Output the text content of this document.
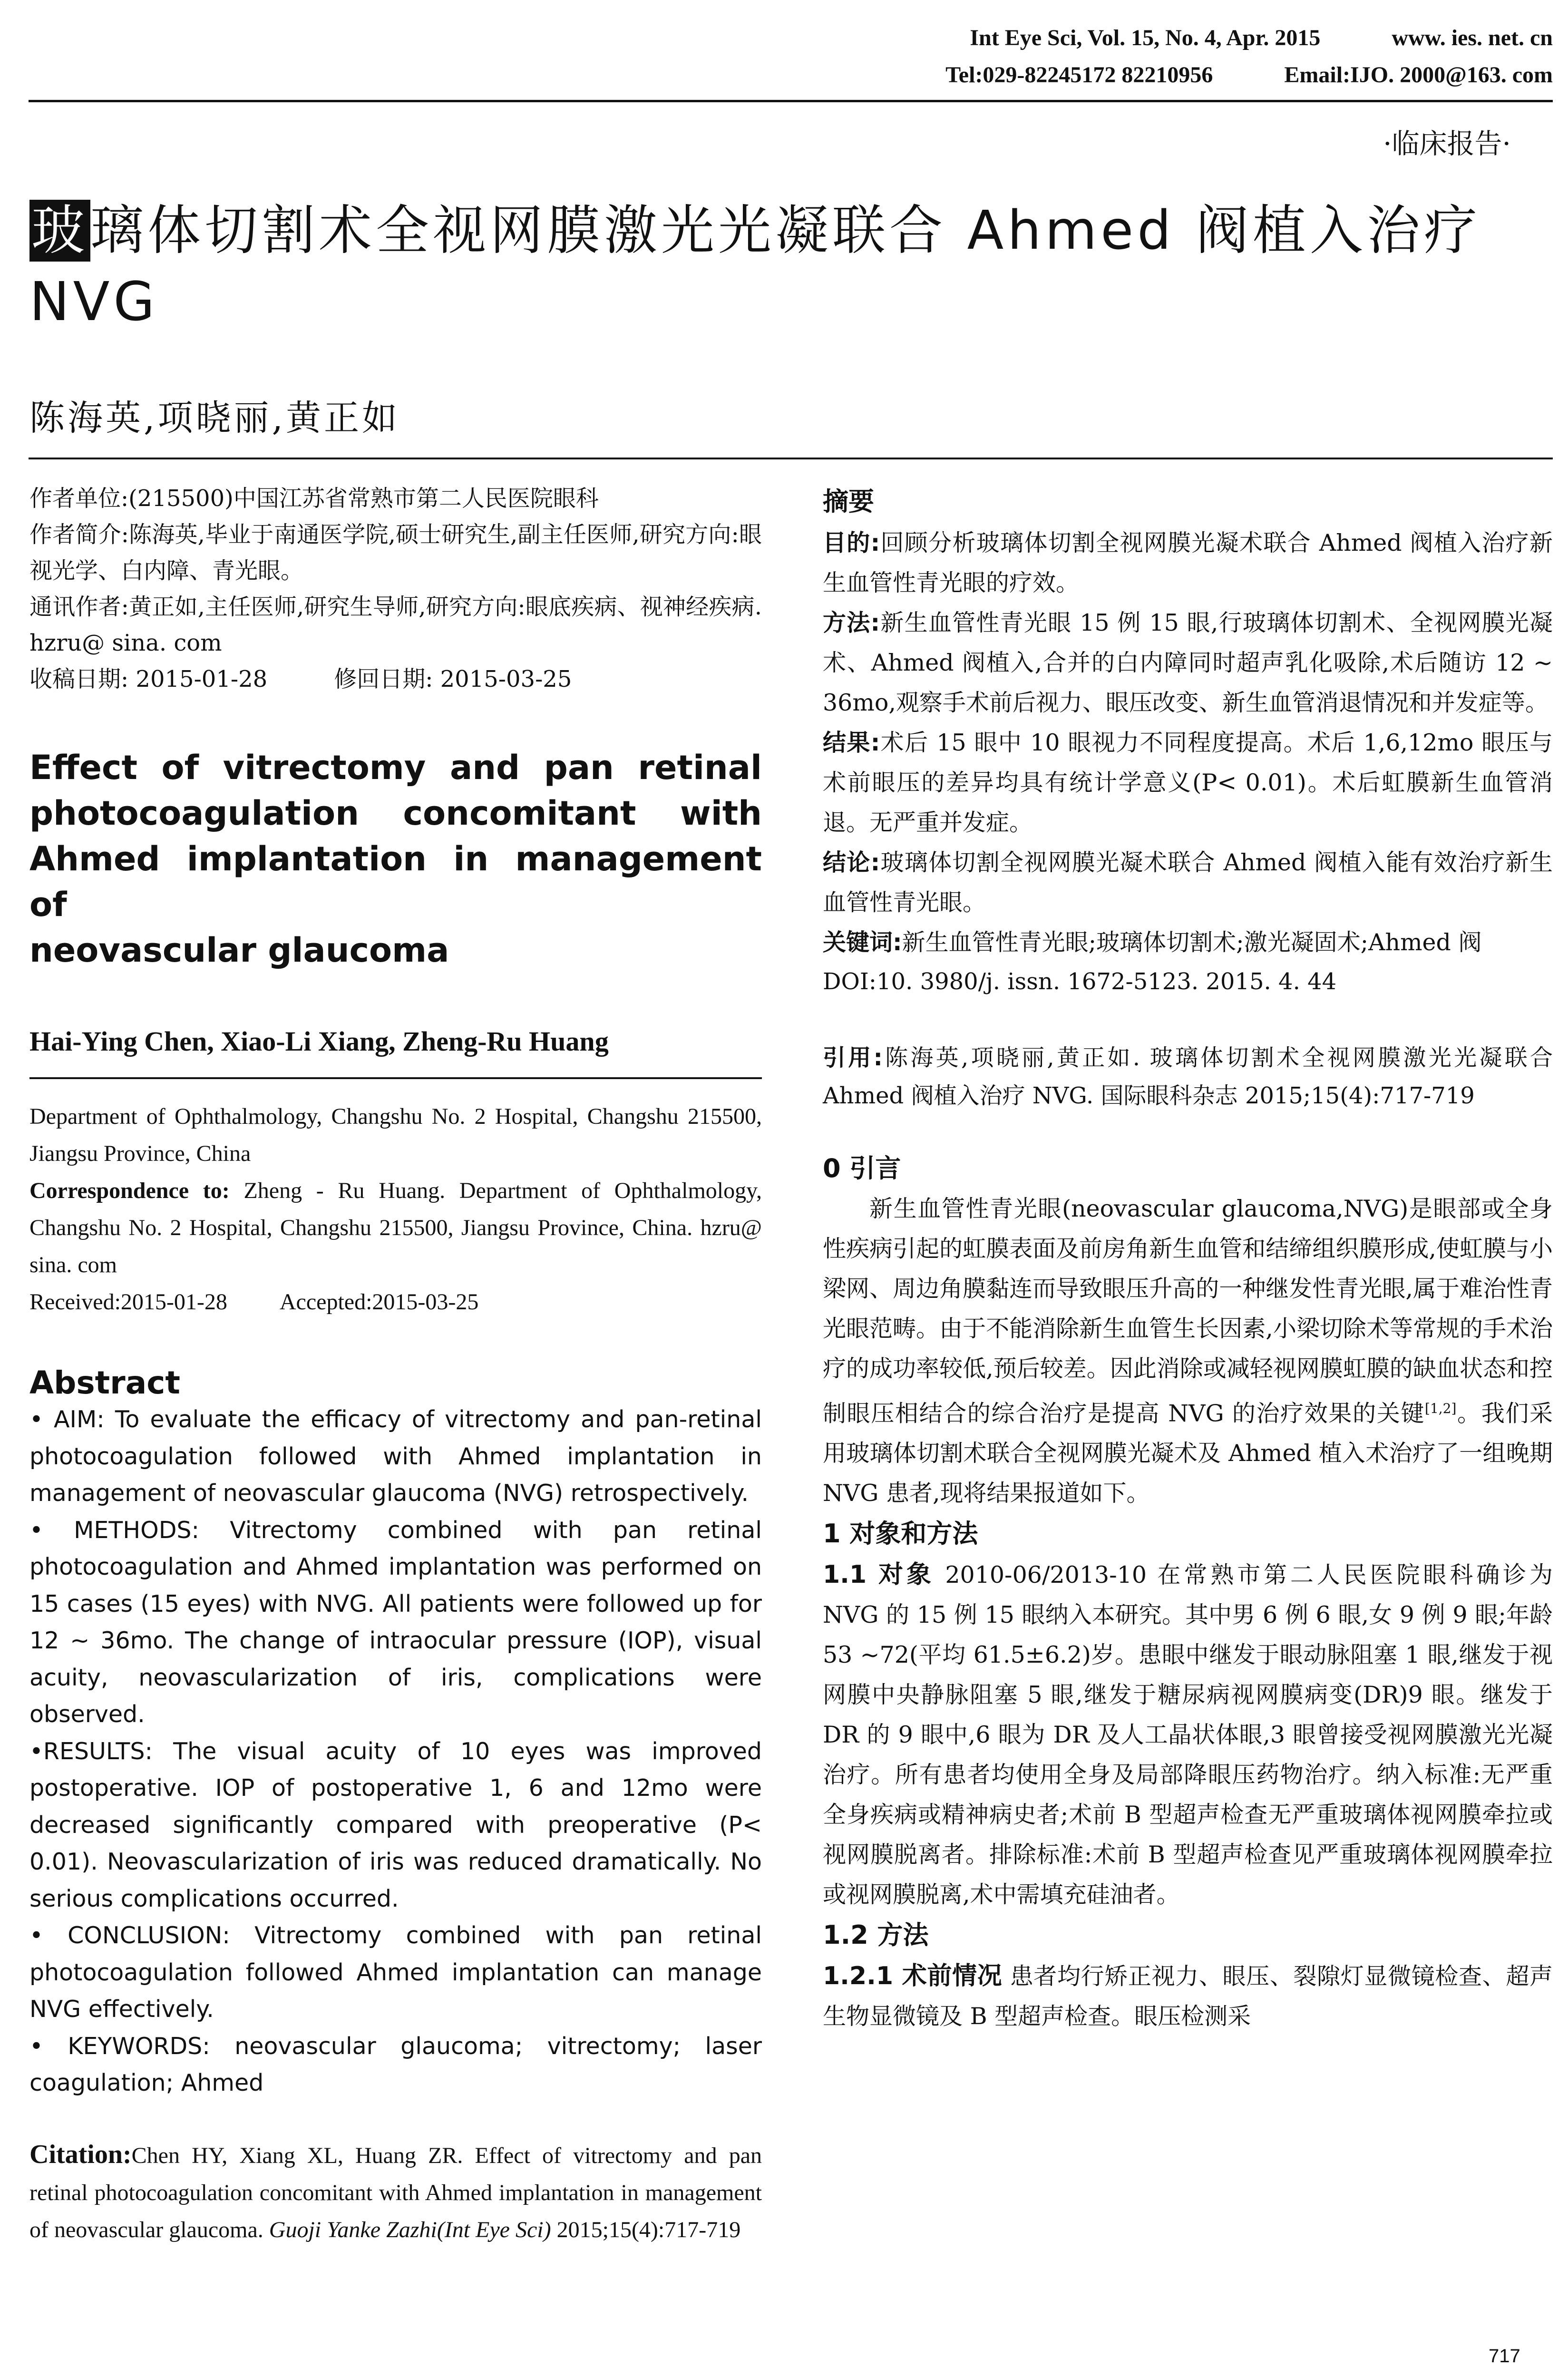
Int Eye Sci, Vol. 15, No. 4, Apr. 2015	www. ies. net. cn
Tel:029-82245172 82210956	Email:IJO. 2000@163. com
·临床报告·
玻璃体切割术全视网膜激光光凝联合 Ahmed 阀植入治疗 NVG
陈海英,项晓丽,黄正如
作者单位:(215500)中国江苏省常熟市第二人民医院眼科
作者简介:陈海英,毕业于南通医学院,硕士研究生,副主任医师,研究方向:眼视光学、白内障、青光眼。
通讯作者:黄正如,主任医师,研究生导师,研究方向:眼底疾病、视神经疾病. hzru@ sina. com
收稿日期: 2015-01-28	修回日期: 2015-03-25
Effect of vitrectomy and pan retinal
photocoagulation concomitant with
Ahmed implantation in management of
neovascular glaucoma
Hai-Ying Chen, Xiao-Li Xiang, Zheng-Ru Huang
Department of Ophthalmology, Changshu No. 2 Hospital, Changshu 215500, Jiangsu Province, China
Correspondence to: Zheng - Ru Huang. Department of Ophthalmology, Changshu No. 2 Hospital, Changshu 215500, Jiangsu Province, China. hzru@ sina. com
Received:2015-01-28 Accepted:2015-03-25
Abstract
• AIM: To evaluate the efficacy of vitrectomy and pan-retinal photocoagulation followed with Ahmed implantation in management of neovascular glaucoma (NVG) retrospectively.
• METHODS: Vitrectomy combined with pan retinal photocoagulation and Ahmed implantation was performed on 15 cases (15 eyes) with NVG. All patients were followed up for 12 ~ 36mo. The change of intraocular pressure (IOP), visual acuity, neovascularization of iris, complications were observed.
•RESULTS: The visual acuity of 10 eyes was improved postoperative. IOP of postoperative 1, 6 and 12mo were decreased significantly compared with preoperative (P< 0.01). Neovascularization of iris was reduced dramatically. No serious complications occurred.
• CONCLUSION: Vitrectomy combined with pan retinal photocoagulation followed Ahmed implantation can manage NVG effectively.
• KEYWORDS: neovascular glaucoma; vitrectomy; laser coagulation; Ahmed
Citation:Chen HY, Xiang XL, Huang ZR. Effect of vitrectomy and pan retinal photocoagulation concomitant with Ahmed implantation in management of neovascular glaucoma. Guoji Yanke Zazhi(Int Eye Sci) 2015;15(4):717-719
摘要
目的:回顾分析玻璃体切割全视网膜光凝术联合 Ahmed 阀植入治疗新生血管性青光眼的疗效。
方法:新生血管性青光眼 15 例 15 眼,行玻璃体切割术、全视网膜光凝术、Ahmed 阀植入,合并的白内障同时超声乳化吸除,术后随访 12 ~ 36mo,观察手术前后视力、眼压改变、新生血管消退情况和并发症等。
结果:术后 15 眼中 10 眼视力不同程度提高。术后 1,6,12mo 眼压与术前眼压的差异均具有统计学意义(P< 0.01)。术后虹膜新生血管消退。无严重并发症。
结论:玻璃体切割全视网膜光凝术联合 Ahmed 阀植入能有效治疗新生血管性青光眼。
关键词:新生血管性青光眼;玻璃体切割术;激光凝固术;Ahmed 阀
DOI:10. 3980/j. issn. 1672-5123. 2015. 4. 44
引用:陈海英,项晓丽,黄正如. 玻璃体切割术全视网膜激光光凝联合 Ahmed 阀植入治疗 NVG. 国际眼科杂志 2015;15(4):717-719
0 引言
新生血管性青光眼(neovascular glaucoma,NVG)是眼部或全身性疾病引起的虹膜表面及前房角新生血管和结缔组织膜形成,使虹膜与小梁网、周边角膜黏连而导致眼压升高的一种继发性青光眼,属于难治性青光眼范畴。由于不能消除新生血管生长因素,小梁切除术等常规的手术治疗的成功率较低,预后较差。因此消除或减轻视网膜虹膜的缺血状态和控制眼压相结合的综合治疗是提高 NVG 的治疗效果的关键[1,2]。我们采用玻璃体切割术联合全视网膜光凝术及 Ahmed 植入术治疗了一组晚期 NVG 患者,现将结果报道如下。
1 对象和方法
1.1 对象 2010-06/2013-10 在常熟市第二人民医院眼科确诊为 NVG 的 15 例 15 眼纳入本研究。其中男 6 例 6 眼,女 9 例 9 眼;年龄 53 ~72(平均 61.5±6.2)岁。患眼中继发于眼动脉阻塞 1 眼,继发于视网膜中央静脉阻塞 5 眼,继发于糖尿病视网膜病变(DR)9 眼。继发于 DR 的 9 眼中,6 眼为 DR 及人工晶状体眼,3 眼曾接受视网膜激光光凝治疗。所有患者均使用全身及局部降眼压药物治疗。纳入标准:无严重全身疾病或精神病史者;术前 B 型超声检查无严重玻璃体视网膜牵拉或视网膜脱离者。排除标准:术前 B 型超声检查见严重玻璃体视网膜牵拉或视网膜脱离,术中需填充硅油者。
1.2 方法
1.2.1 术前情况 患者均行矫正视力、眼压、裂隙灯显微镜检查、超声生物显微镜及 B 型超声检查。眼压检测采
717
